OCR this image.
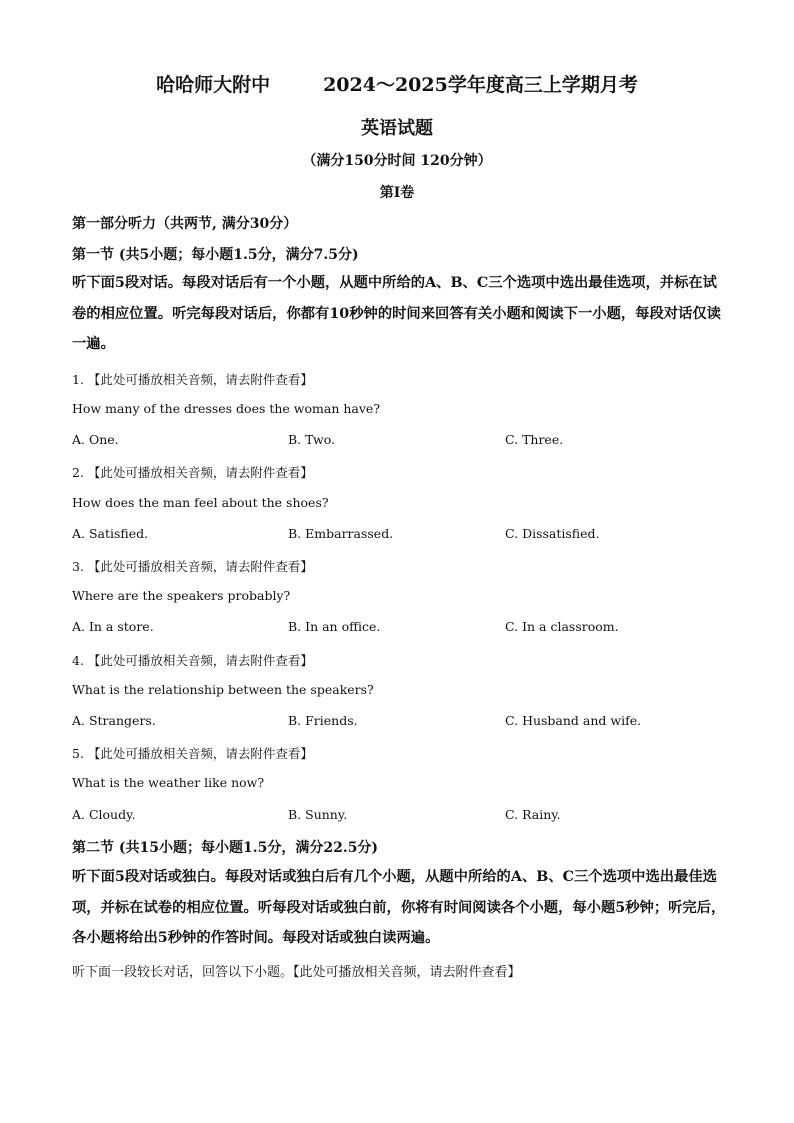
哈哈师大附中	2024～2025学年度高三上学期月考
英语试题
（满分150分时间 120分钟）
第I卷
第一部分听力（共两节, 满分30分）
第一节 (共5小题；每小题1.5分，满分7.5分)
听下面5段对话。每段对话后有一个小题，从题中所给的A、B、C三个选项中选出最佳选项，并标在试卷的相应位置。听完每段对话后，你都有10秒钟的时间来回答有关小题和阅读下一小题，每段对话仅读一遍。
1. 【此处可播放相关音频，请去附件查看】
How many of the dresses does the woman have?
A. One.	B. Two.	C. Three.
2. 【此处可播放相关音频，请去附件查看】
How does the man feel about the shoes?
A. Satisfied.	B. Embarrassed.	C. Dissatisfied.
3. 【此处可播放相关音频，请去附件查看】
Where are the speakers probably?
A. In a store.	B. In an office.	C. In a classroom.
4. 【此处可播放相关音频，请去附件查看】
What is the relationship between the speakers?
A. Strangers.	B. Friends.	C. Husband and wife.
5. 【此处可播放相关音频，请去附件查看】
What is the weather like now?
A. Cloudy.	B. Sunny.	C. Rainy.
第二节 (共15小题；每小题1.5分，满分22.5分)
听下面5段对话或独白。每段对话或独白后有几个小题，从题中所给的A、B、C三个选项中选出最佳选项，并标在试卷的相应位置。听每段对话或独白前，你将有时间阅读各个小题，每小题5秒钟；听完后，各小题将给出5秒钟的作答时间。每段对话或独白读两遍。
听下面一段较长对话，回答以下小题。【此处可播放相关音频，请去附件查看】
